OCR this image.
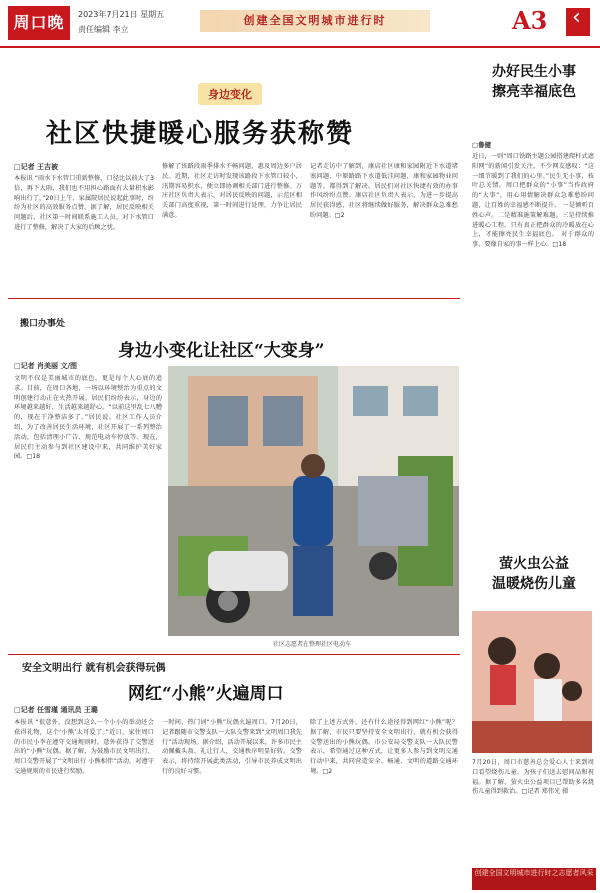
周口晚报
2023年7月21日 星期五
责任编辑 李立
创建全国文明城市进行时	A3
‹
身边变化
社区快捷暖心服务获称赞
□记者 王吉被
本报讯 “雨水下水管口重新整修，口径比以前大了3倍，再下大雨，我们也不用担心路面有大量积水影响出行了。”20日上午，家属院居民说起此事时，纷纷为社区的高效服务点赞。据了解，居民反映相关问题后，社区第一时间联系施工人员，对下水管口进行了整修，解决了大家的后顾之忧。
修解了该路段雨季排水不畅问题，惠及周边多户居民。近期，社区走访时发现该路段下水管口较小，汛期容易积水，便立即协调相关部门进行整修。万庄社区负责人表示，对居民反映的问题，示范区相关部门高度重视，第一时间进行处理，力争让居民满意。
记者走访中了解到，康店社区康和家园附近下水道堵塞问题、中原路路下水道低洼问题，康和家园物业问题等，都得到了解决。居民们对社区快捷有效的办事作风纷纷点赞。康店社区负责人表示，为进一步提高居民获得感，社区将继续做好服务，解决群众急难愁盼问题。□2
搬口办事处
身边小变化让社区“大变身”
□记者 肖美丽 文/图
文明不仅是美丽城市的底色，更是每个人心底的追求。目前，在周口各地，一场以环境整治为重点的文明创建行动正在火热开展。居民们纷纷表示，身边的环境越来越好，生活越来越舒心。“以前这里乱七八糟的，现在干净整洁多了。”居民说。社区工作人员介绍，为了改善居民生活环境，社区开展了一系列整治活动，包括清理小广告、规范电动车停放等。现在，居民们主动参与到社区建设中来，共同维护美好家园。□18
社区志愿者在整理社区电动车
安全文明出行 就有机会获得玩偶
网红“小熊”火遍周口
□记者 任雪瑾 通讯员 王璐
本报讯 “很意外，没想到这么一个小小的举动还会获得礼物，这个‘小熊’太可爱了。”近日，家住周口的市民小李在遵守交通规则时，意外获得了交警送出的“小熊”玩偶。据了解，为鼓励市民文明出行，周口交警开展了“文明出行 小熊相伴”活动，对遵守交通规则的市民进行奖励。
一时间，热门词“小熊”玩偶火遍周口。7月20日，记者跟随市交警支队一大队交警来到“文明周口我先行”活动现场。据介绍，活动开展以来，许多市民主动佩戴头盔、礼让行人，交通秩序明显好转。交警表示，将持续开展此类活动，引导市民养成文明出行的良好习惯。
除了上述方式外，还有什么途径得到网红“小熊”呢？据了解，市民只要坚持安全文明出行，就有机会获得交警送出的小熊玩偶。市公安局交警支队一大队民警表示，希望通过这种方式，让更多人参与到文明交通行动中来，共同营造安全、畅通、文明的道路交通环境。□2
办好民生小事
擦亮幸福底色
□鲁健
近日，一则“周口铁路主题公园搭建爬杆式遮阳网”的新闻引发关注。不少网友感叹：“这一细节暖到了我们的心里。”民生无小事，枝叶总关情。周口把群众的“小事”当作政府的“大事”，用心用情解决群众急难愁盼问题，让百姓的幸福感不断提升。 一是倾听百姓心声。二是精准施策解难题。三是持续推进暖心工程。只有真正把群众的冷暖放在心上，才能擦亮民生幸福底色。 对于群众的事，要像自家的事一样上心。□18
萤火虫公益
温暖烧伤儿童
7月20日，周口市慈善总会爱心人士来到周口看望烧伤儿童，为孩子们送去慰问品和祝福。据了解，萤火虫公益项目已帮助多名烧伤儿童得到救治。□记者 郑伟光 摄
创建全国文明城市进行时之志愿者风采
